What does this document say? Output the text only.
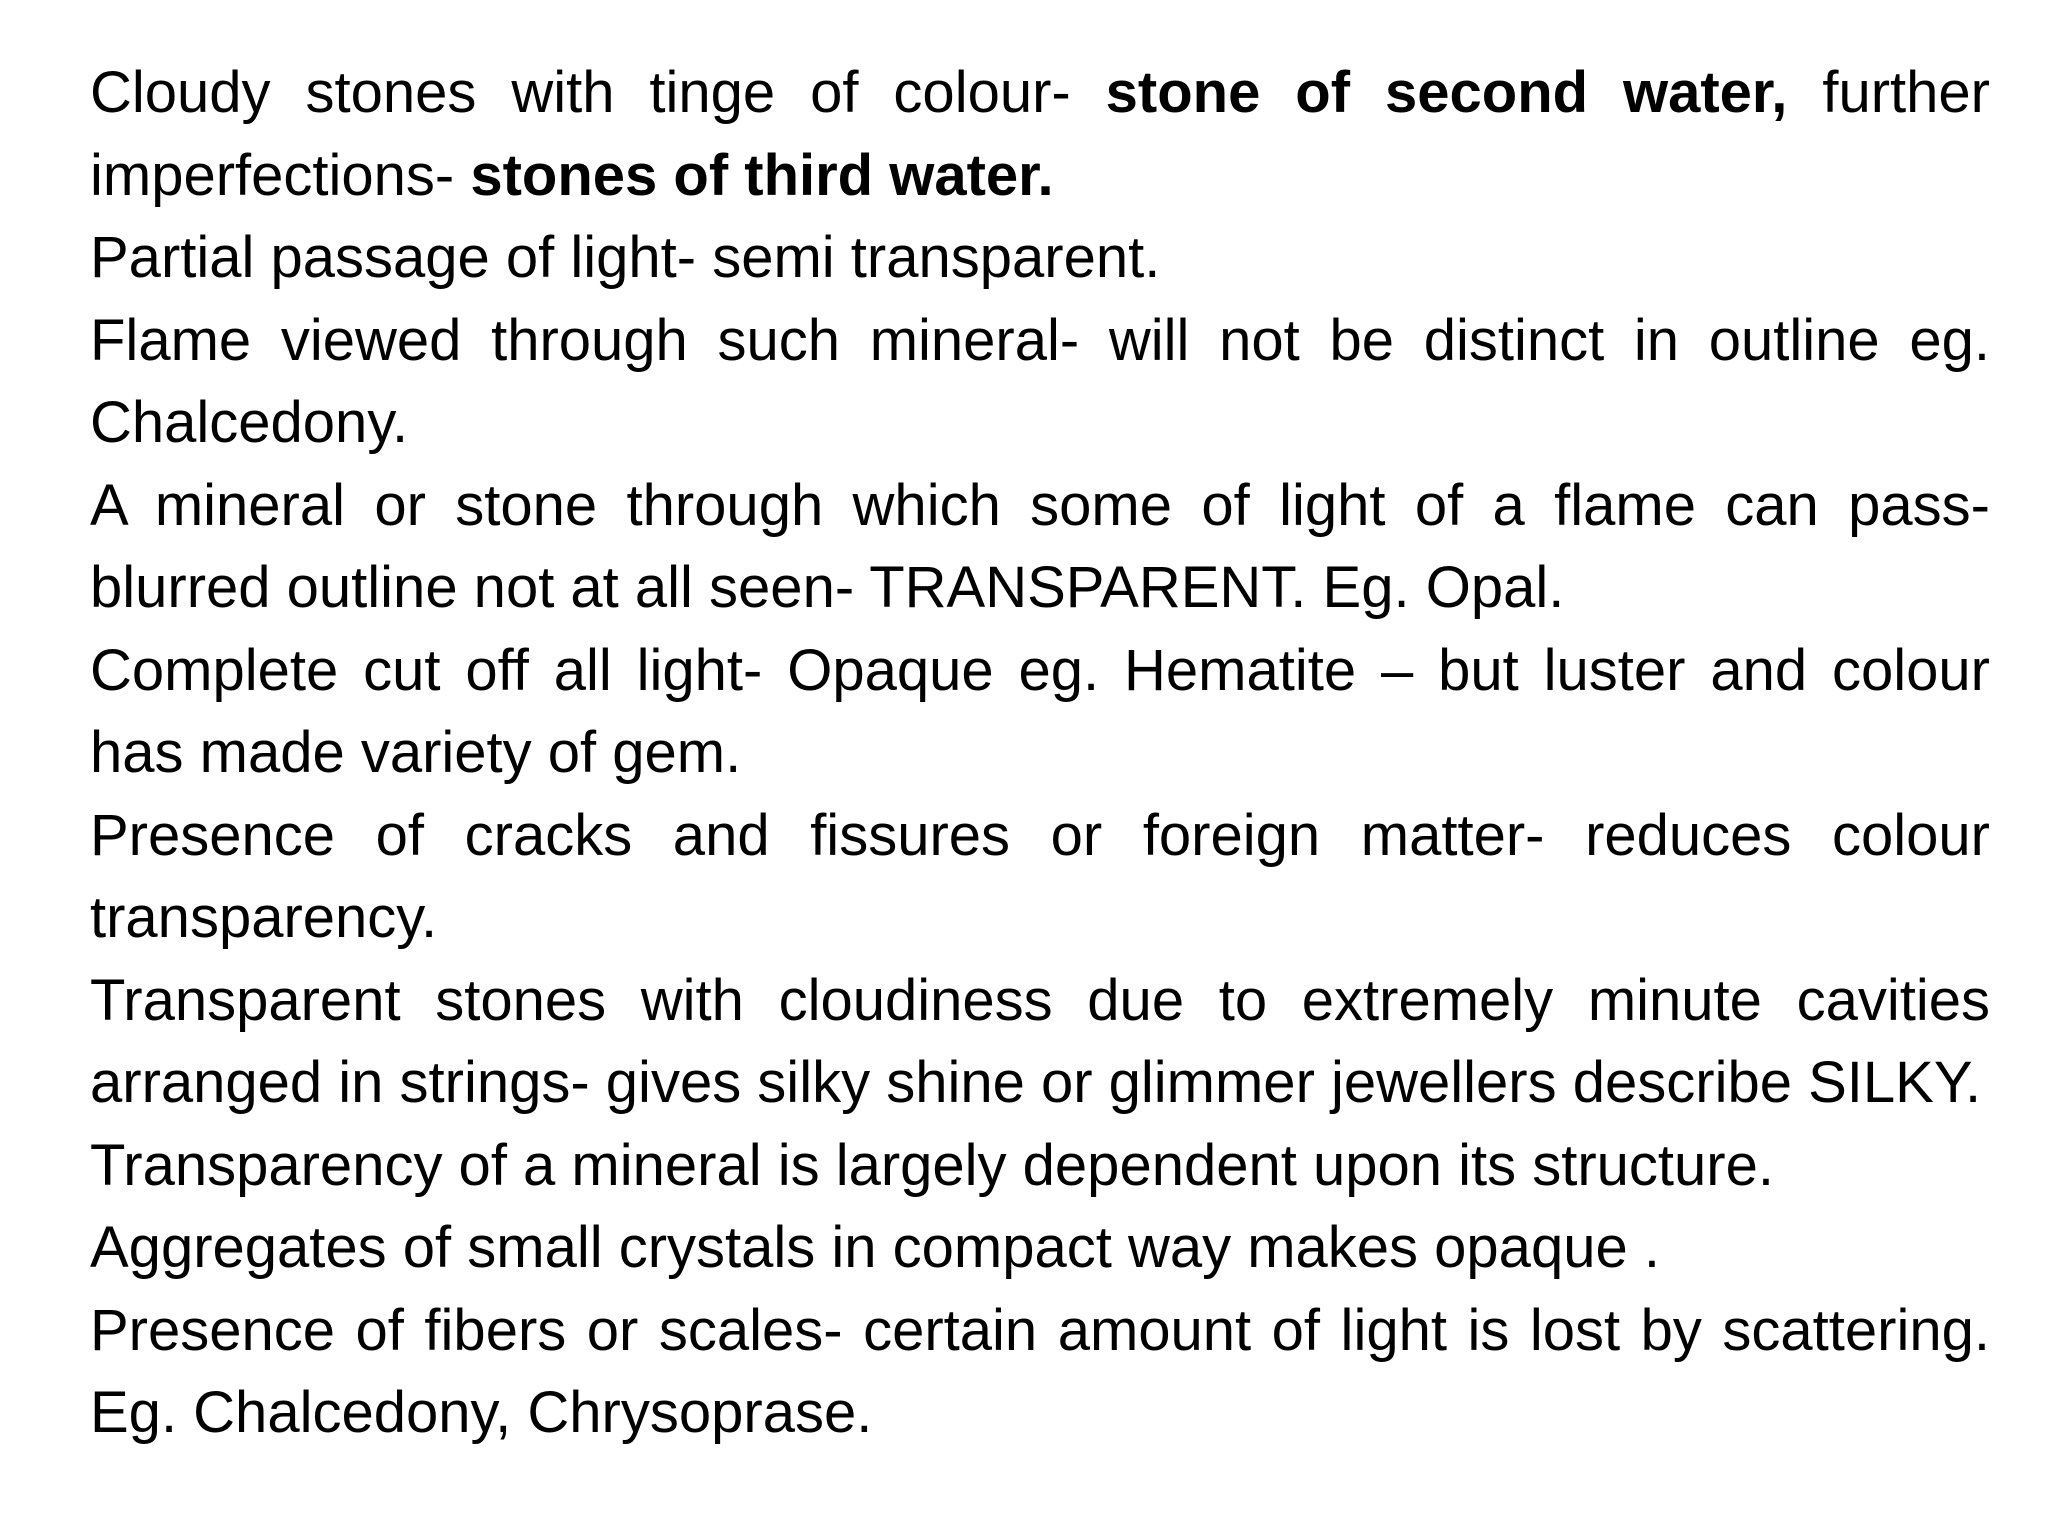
Cloudy stones with tinge of colour- stone of second water, further imperfections- stones of third water.

Partial passage of light- semi transparent.

Flame viewed through such mineral- will not be distinct in outline eg. Chalcedony.

A mineral or stone through which some of light of a flame can pass- blurred outline not at all seen- TRANSPARENT. Eg. Opal.

Complete cut off all light- Opaque eg. Hematite – but luster and colour has made variety of gem.

Presence of cracks and fissures or foreign matter- reduces colour transparency.

Transparent stones with cloudiness due to extremely minute cavities arranged in strings- gives silky shine or glimmer jewellers describe SILKY.

Transparency of a mineral is largely dependent upon its structure.

Aggregates of small crystals in compact way makes opaque .

Presence of fibers or scales- certain amount of light is lost by scattering. Eg. Chalcedony, Chrysoprase.
